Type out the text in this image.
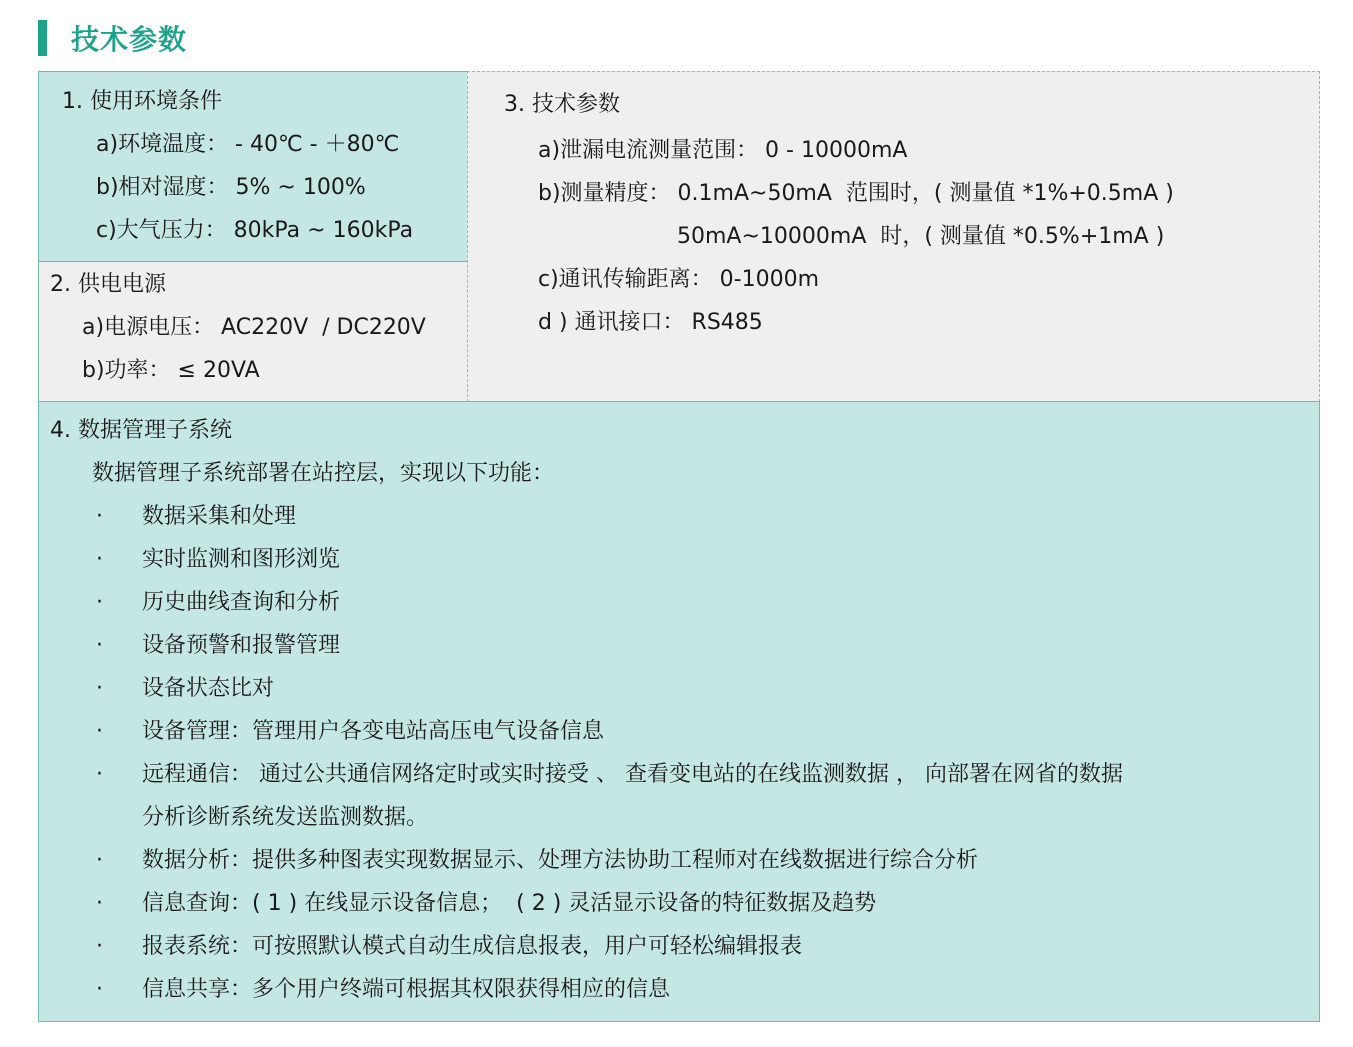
技术参数
1. 使用环境条件
a)环境温度： - 40℃ - ＋80℃
b)相对湿度： 5% ~ 100%
c)大气压力： 80kPa ~ 160kPa
2. 供电电源
a)电源电压： AC220V  / DC220V
b)功率： ≤ 20VA
3. 技术参数
a)泄漏电流测量范围： 0 - 10000mA
b)测量精度： 0.1mA~50mA  范围时，( 测量值 *1%+0.5mA )
50mA~10000mA  时，( 测量值 *0.5%+1mA )
c)通讯传输距离： 0-1000m
d ) 通讯接口： RS485
4. 数据管理子系统
数据管理子系统部署在站控层，实现以下功能：
· 数据采集和处理
· 实时监测和图形浏览
· 历史曲线查询和分析
· 设备预警和报警管理
· 设备状态比对
· 设备管理：管理用户各变电站高压电气设备信息
· 远程通信： 通过公共通信网络定时或实时接受 、 查看变电站的在线监测数据 ， 向部署在网省的数据
分析诊断系统发送监测数据。
· 数据分析：提供多种图表实现数据显示、处理方法协助工程师对在线数据进行综合分析
· 信息查询：( 1 ) 在线显示设备信息；  ( 2 ) 灵活显示设备的特征数据及趋势
· 报表系统：可按照默认模式自动生成信息报表，用户可轻松编辑报表
· 信息共享：多个用户终端可根据其权限获得相应的信息
